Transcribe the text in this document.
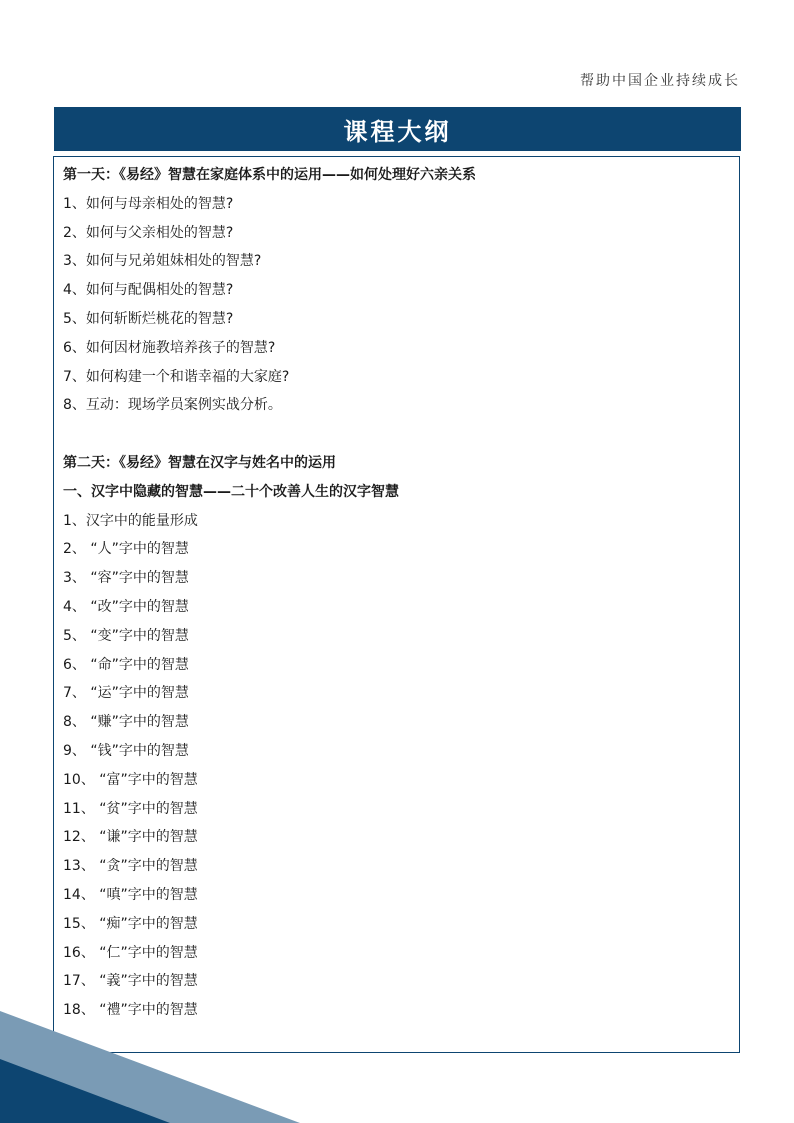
帮助中国企业持续成长
课程大纲
第一天：《易经》智慧在家庭体系中的运用——如何处理好六亲关系
1、如何与母亲相处的智慧?
2、如何与父亲相处的智慧?
3、如何与兄弟姐妹相处的智慧?
4、如何与配偶相处的智慧?
5、如何斩断烂桃花的智慧?
6、如何因材施教培养孩子的智慧?
7、如何构建一个和谐幸福的大家庭?
8、互动：现场学员案例实战分析。
第二天：《易经》智慧在汉字与姓名中的运用
一、汉字中隐藏的智慧——二十个改善人生的汉字智慧
1、汉字中的能量形成
2、 “人”字中的智慧
3、 “容”字中的智慧
4、 “改”字中的智慧
5、 “变”字中的智慧
6、 “命”字中的智慧
7、 “运”字中的智慧
8、 “赚”字中的智慧
9、 “钱”字中的智慧
10、 “富”字中的智慧
11、 “贫”字中的智慧
12、 “谦”字中的智慧
13、 “贪”字中的智慧
14、 “嗔”字中的智慧
15、 “痴”字中的智慧
16、 “仁”字中的智慧
17、 “義”字中的智慧
18、 “禮”字中的智慧
